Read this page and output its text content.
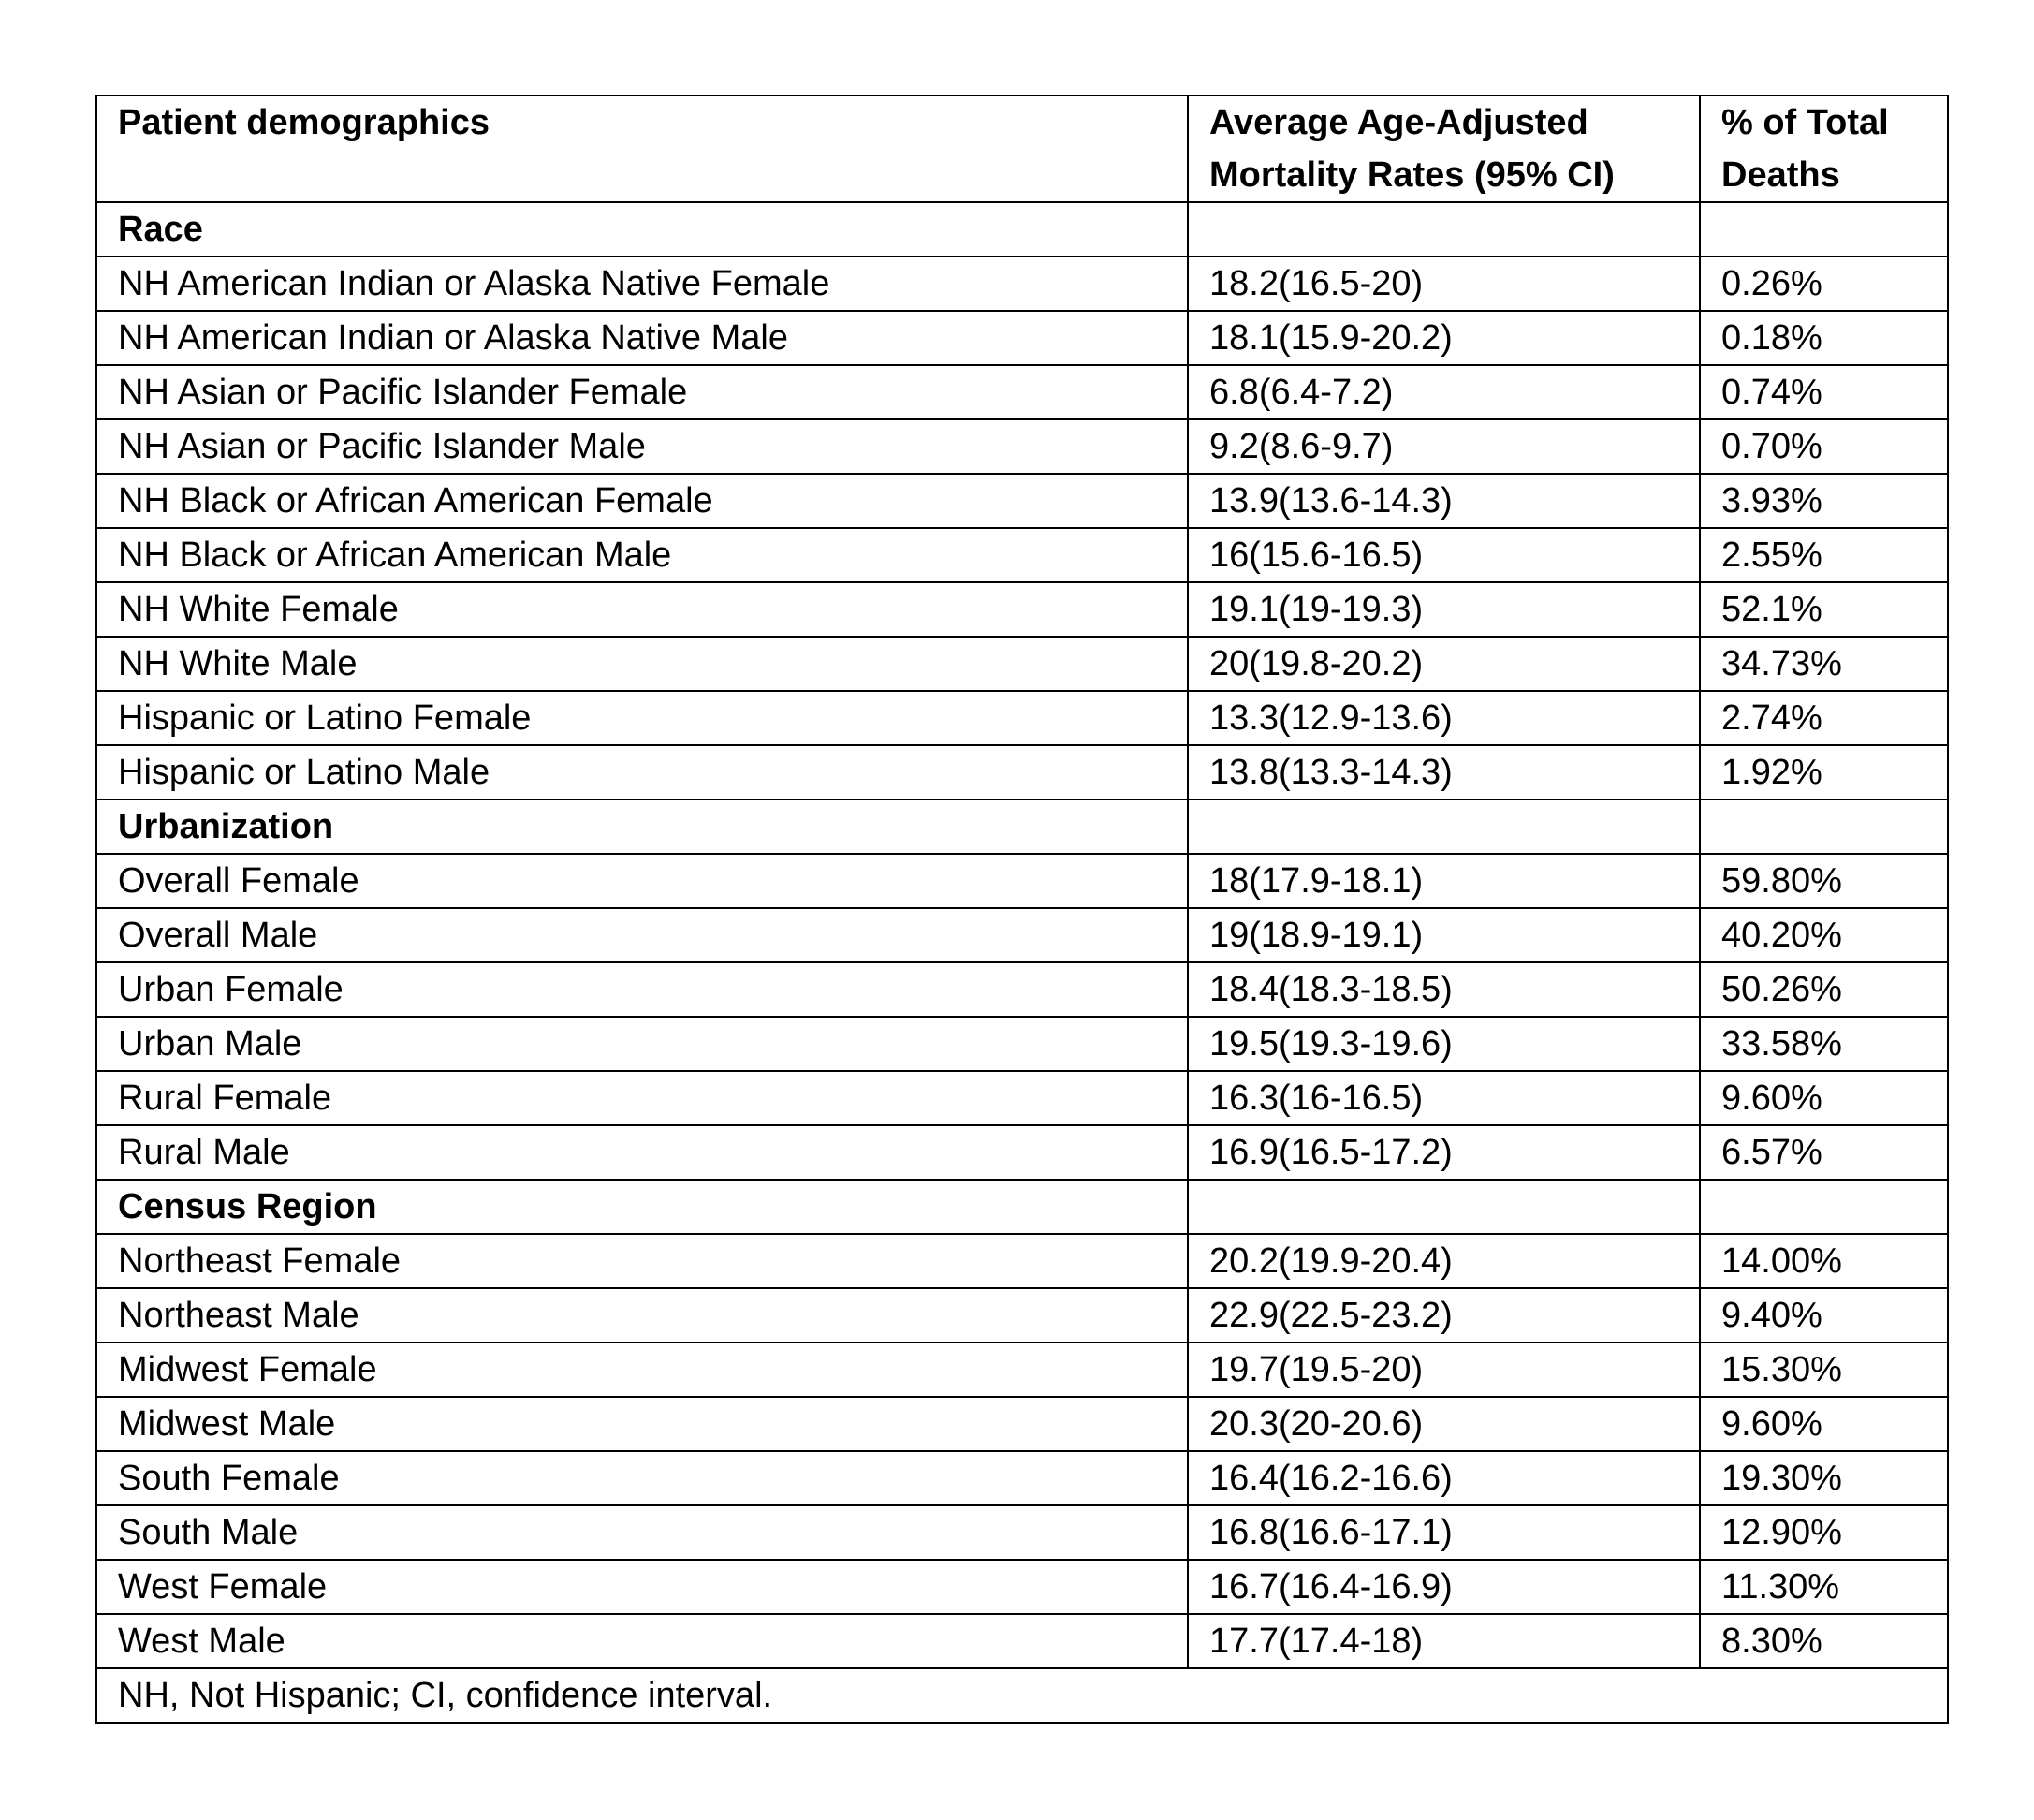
Patient demographics	Average Age-Adjusted Mortality Rates (95% CI)	% of Total Deaths
Race		
NH American Indian or Alaska Native Female	18.2(16.5-20)	0.26%
NH American Indian or Alaska Native Male	18.1(15.9-20.2)	0.18%
NH Asian or Pacific Islander Female	6.8(6.4-7.2)	0.74%
NH Asian or Pacific Islander Male	9.2(8.6-9.7)	0.70%
NH Black or African American Female	13.9(13.6-14.3)	3.93%
NH Black or African American Male	16(15.6-16.5)	2.55%
NH White Female	19.1(19-19.3)	52.1%
NH White Male	20(19.8-20.2)	34.73%
Hispanic or Latino Female	13.3(12.9-13.6)	2.74%
Hispanic or Latino Male	13.8(13.3-14.3)	1.92%
Urbanization		
Overall Female	18(17.9-18.1)	59.80%
Overall Male	19(18.9-19.1)	40.20%
Urban Female	18.4(18.3-18.5)	50.26%
Urban Male	19.5(19.3-19.6)	33.58%
Rural Female	16.3(16-16.5)	9.60%
Rural Male	16.9(16.5-17.2)	6.57%
Census Region		
Northeast Female	20.2(19.9-20.4)	14.00%
Northeast Male	22.9(22.5-23.2)	9.40%
Midwest Female	19.7(19.5-20)	15.30%
Midwest Male	20.3(20-20.6)	9.60%
South Female	16.4(16.2-16.6)	19.30%
South Male	16.8(16.6-17.1)	12.90%
West Female	16.7(16.4-16.9)	11.30%
West Male	17.7(17.4-18)	8.30%
NH, Not Hispanic; CI, confidence interval.		
